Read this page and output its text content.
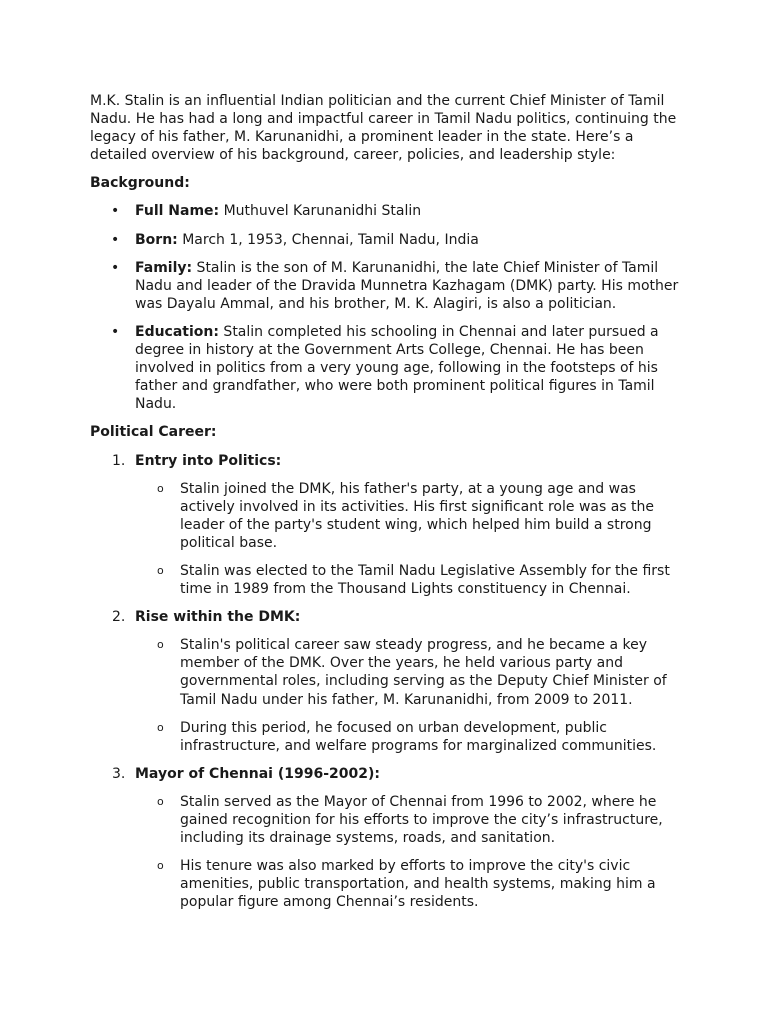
M.K. Stalin is an influential Indian politician and the current Chief Minister of Tamil Nadu. He has had a long and impactful career in Tamil Nadu politics, continuing the legacy of his father, M. Karunanidhi, a prominent leader in the state. Here’s a detailed overview of his background, career, policies, and leadership style:

Background:

• Full Name: Muthuvel Karunanidhi Stalin
• Born: March 1, 1953, Chennai, Tamil Nadu, India
• Family: Stalin is the son of M. Karunanidhi, the late Chief Minister of Tamil Nadu and leader of the Dravida Munnetra Kazhagam (DMK) party. His mother was Dayalu Ammal, and his brother, M. K. Alagiri, is also a politician.
• Education: Stalin completed his schooling in Chennai and later pursued a degree in history at the Government Arts College, Chennai. He has been involved in politics from a very young age, following in the footsteps of his father and grandfather, who were both prominent political figures in Tamil Nadu.

Political Career:

1. Entry into Politics:
o Stalin joined the DMK, his father's party, at a young age and was actively involved in its activities. His first significant role was as the leader of the party's student wing, which helped him build a strong political base.
o Stalin was elected to the Tamil Nadu Legislative Assembly for the first time in 1989 from the Thousand Lights constituency in Chennai.
2. Rise within the DMK:
o Stalin's political career saw steady progress, and he became a key member of the DMK. Over the years, he held various party and governmental roles, including serving as the Deputy Chief Minister of Tamil Nadu under his father, M. Karunanidhi, from 2009 to 2011.
o During this period, he focused on urban development, public infrastructure, and welfare programs for marginalized communities.
3. Mayor of Chennai (1996-2002):
o Stalin served as the Mayor of Chennai from 1996 to 2002, where he gained recognition for his efforts to improve the city’s infrastructure, including its drainage systems, roads, and sanitation.
o His tenure was also marked by efforts to improve the city's civic amenities, public transportation, and health systems, making him a popular figure among Chennai’s residents.
